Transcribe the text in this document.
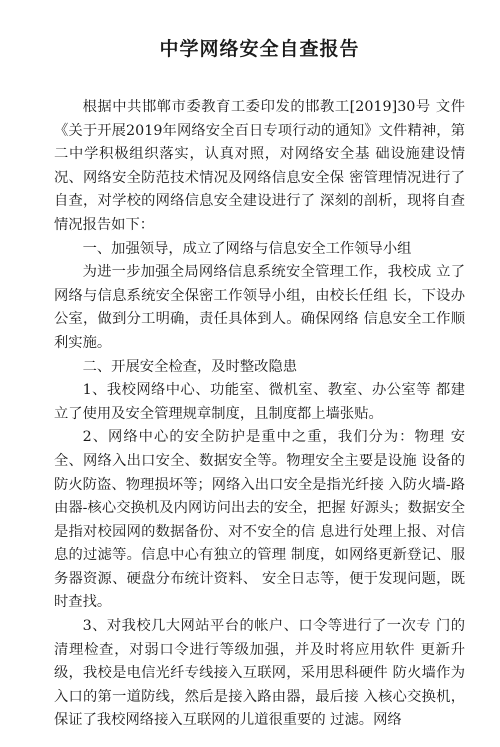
中学网络安全自查报告

根据中共邯郸市委教育工委印发的邯教工[2019]30号 文件《关于开展2019年网络安全百日专项行动的通知》文件精神，第二中学积极组织落实，认真对照，对网络安全基 础设施建设情况、网络安全防范技术情况及网络信息安全保 密管理情况进行了自查，对学校的网络信息安全建设进行了 深刻的剖析，现将自查情况报告如下：

一、加强领导，成立了网络与信息安全工作领导小组

为进一步加强全局网络信息系统安全管理工作，我校成 立了网络与信息系统安全保密工作领导小组，由校长任组 长，下设办公室，做到分工明确，责任具体到人。确保网络 信息安全工作顺利实施。

二、开展安全检查，及时整改隐患

1、我校网络中心、功能室、微机室、教室、办公室等 都建立了使用及安全管理规章制度，且制度都上墙张贴。

2、网络中心的安全防护是重中之重，我们分为：物理 安全、网络入出口安全、数据安全等。物理安全主要是设施 设备的防火防盗、物理损坏等；网络入出口安全是指光纤接 入防火墙-路由器-核心交换机及内网访问出去的安全，把握 好源头；数据安全是指对校园网的数据备份、对不安全的信 息进行处理上报、对信息的过滤等。信息中心有独立的管理 制度，如网络更新登记、服务器资源、硬盘分布统计资料、 安全日志等，便于发现问题，既时查找。

3、对我校几大网站平台的帐户、口令等进行了一次专 门的清理检查，对弱口令进行等级加强，并及时将应用软件 更新升级，我校是电信光纤专线接入互联网，采用思科硬件 防火墙作为入口的第一道防线，然后是接入路由器，最后接 入核心交换机，保证了我校网络接入互联网的儿道很重要的 过滤。网络
